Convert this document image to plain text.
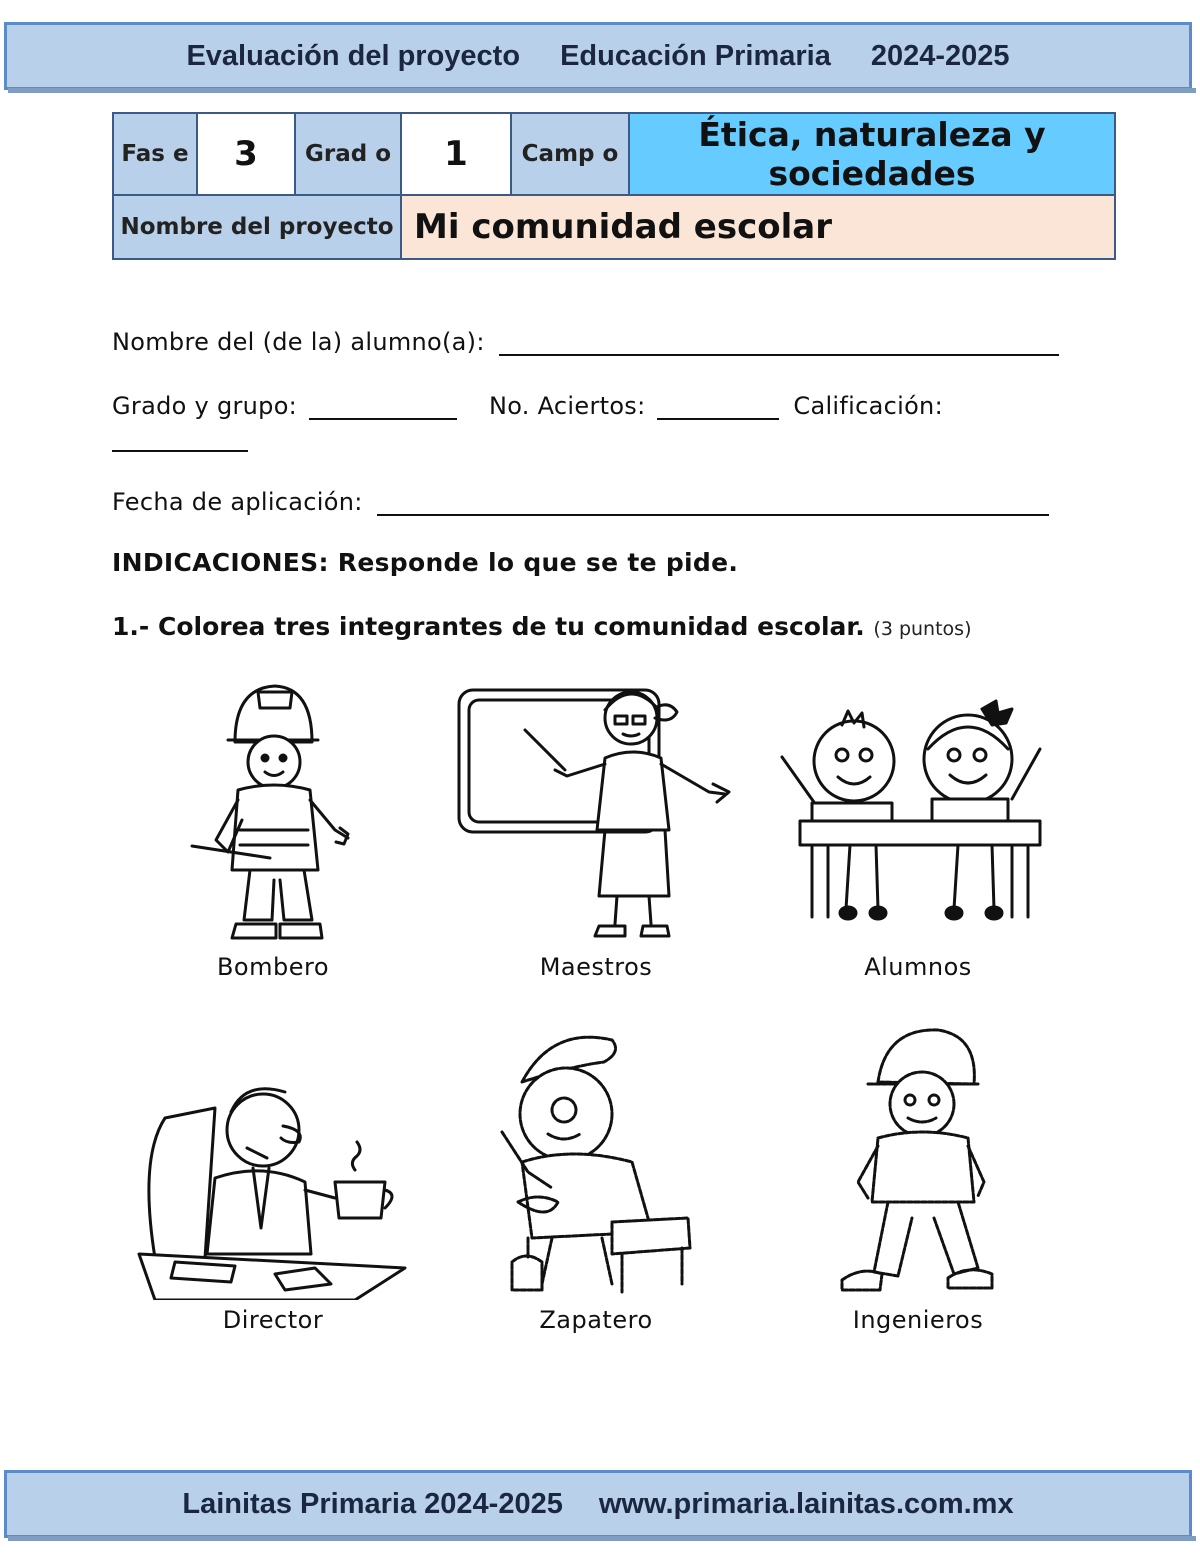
Evaluación del proyecto Educación Primaria 2024-2025
Fas e	3	Grad o	1	Camp o	Ética, naturaleza y sociedades
Nombre del proyecto			Mi comunidad escolar		
Nombre del (de la) alumno(a):
Grado y grupo:	No. Aciertos:	Calificación:
Fecha de aplicación:
INDICACIONES: Responde lo que se te pide.
1.- Colorea tres integrantes de tu comunidad escolar. (3 puntos)
Bombero	Maestros	Alumnos
Director	Zapatero	Ingenieros
Lainitas Primaria 2024-2025 www.primaria.lainitas.com.mx
